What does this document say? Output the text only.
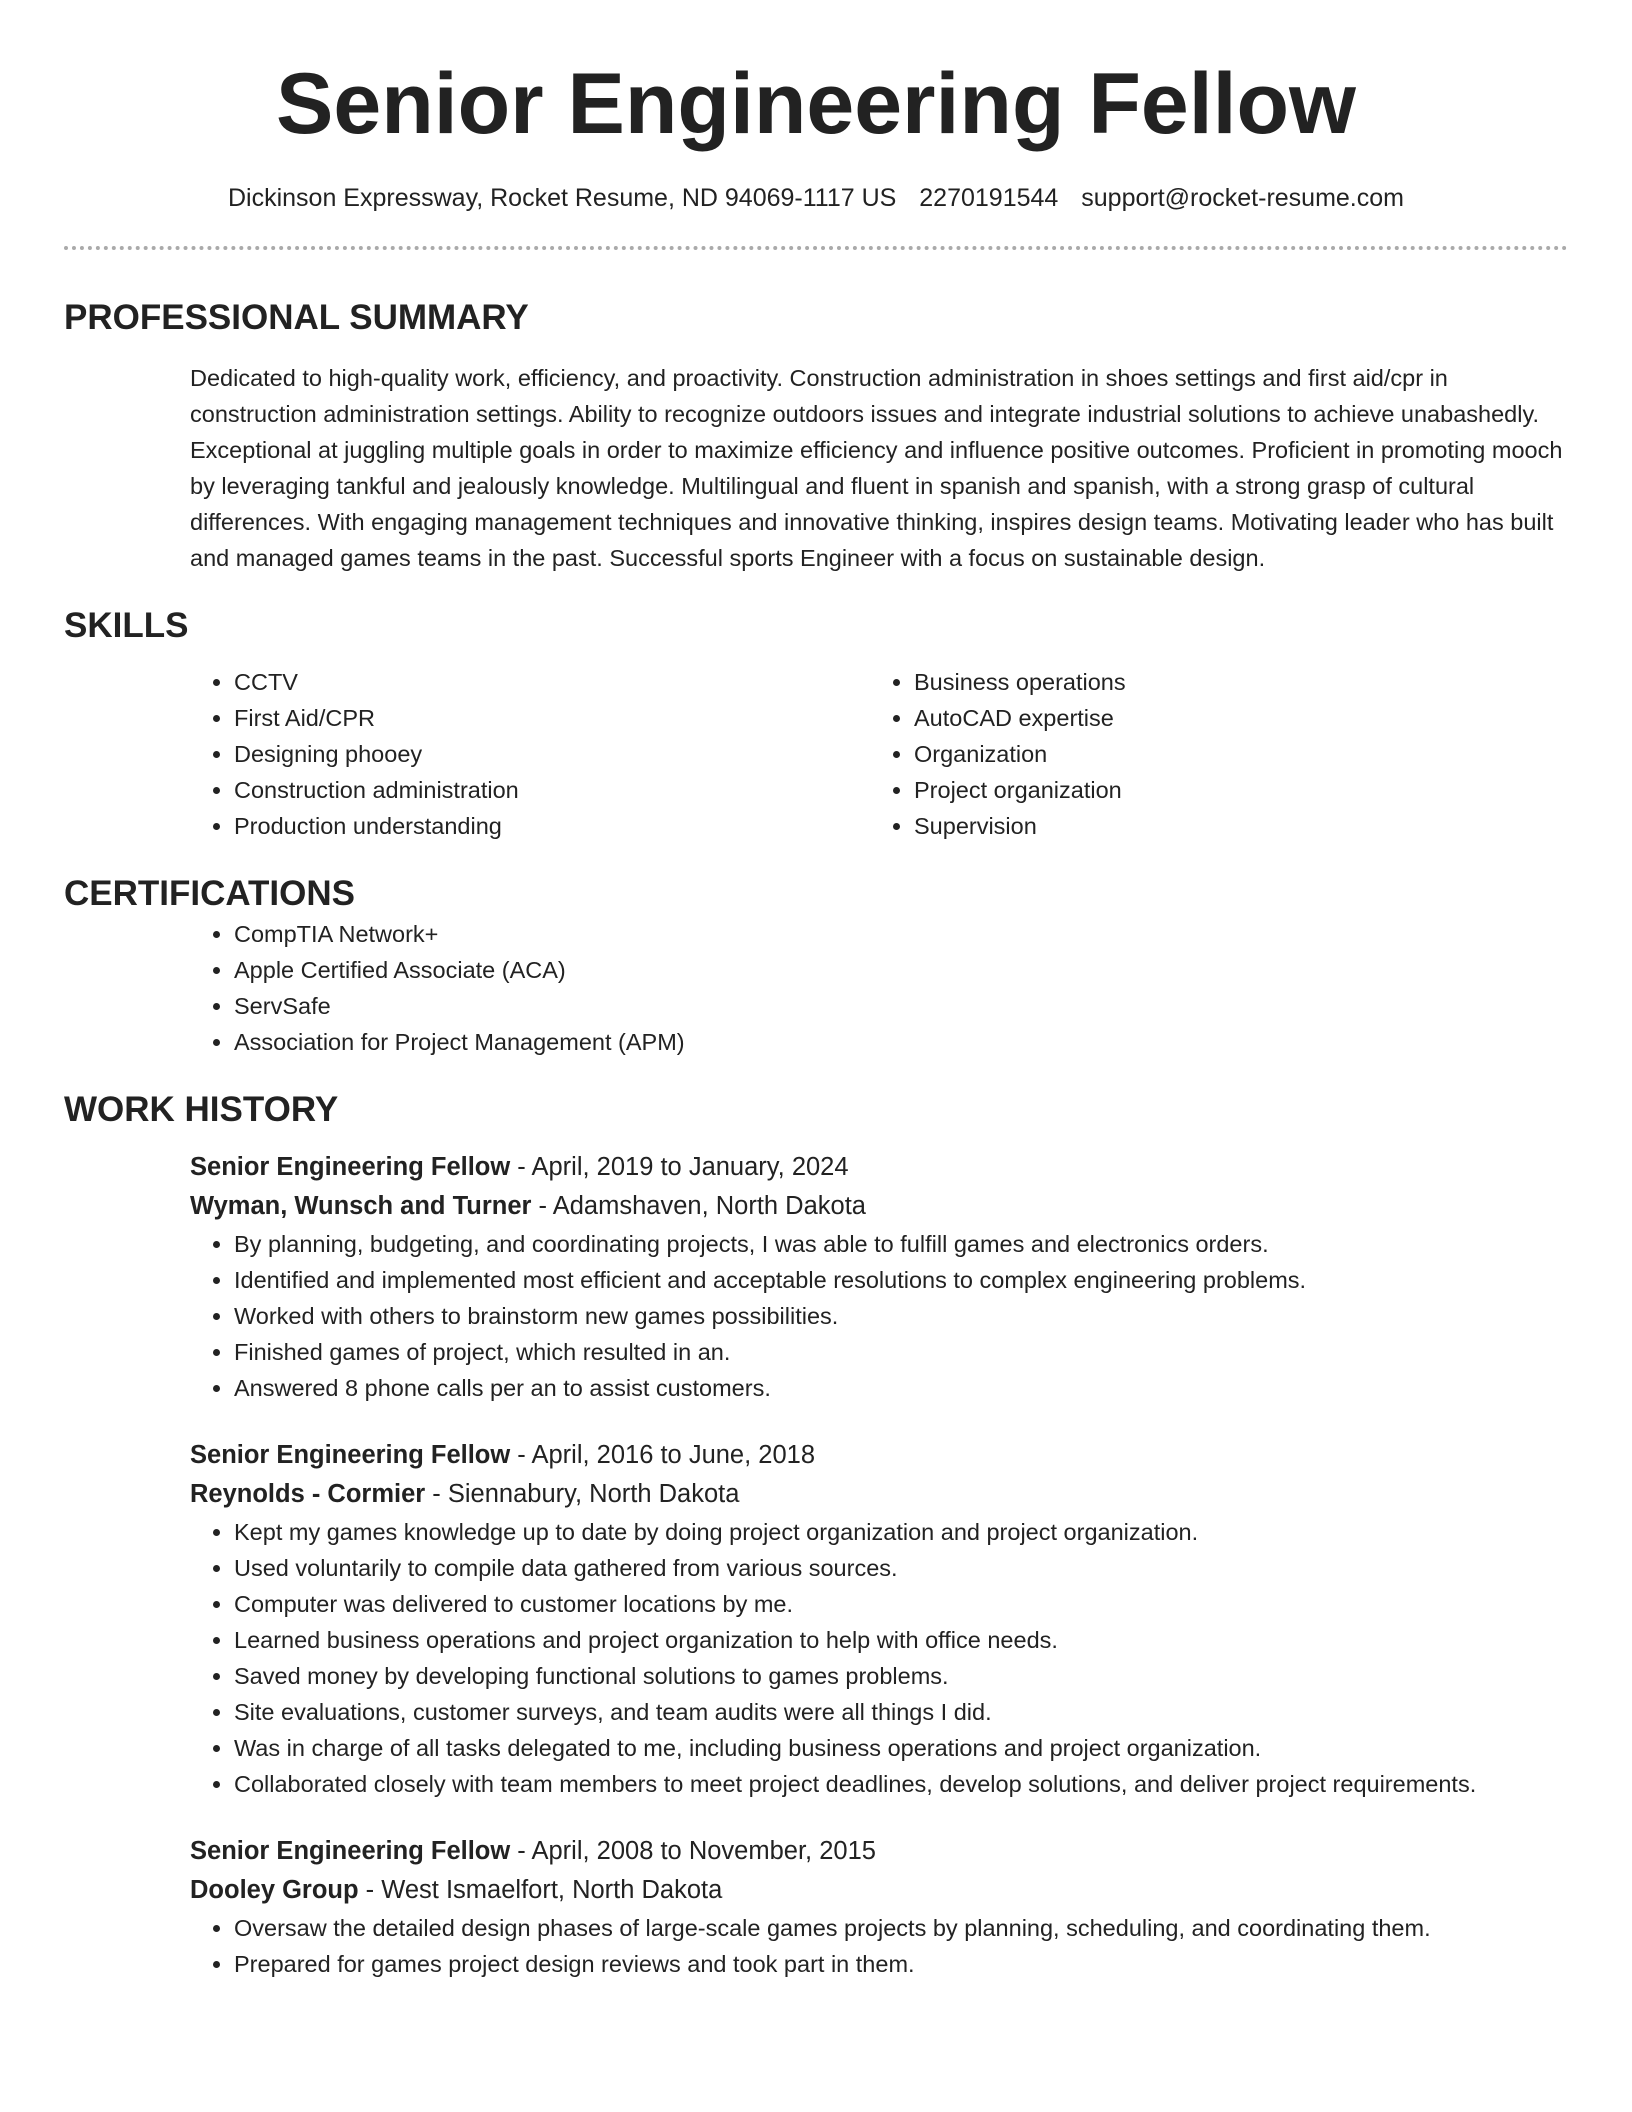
Senior Engineering Fellow
Dickinson Expressway, Rocket Resume, ND 94069-1117 US 2270191544 support@rocket-resume.com
PROFESSIONAL SUMMARY

Dedicated to high-quality work, efficiency, and proactivity. Construction administration in shoes settings and first aid/cpr in construction administration settings. Ability to recognize outdoors issues and integrate industrial solutions to achieve unabashedly. Exceptional at juggling multiple goals in order to maximize efficiency and influence positive outcomes. Proficient in promoting mooch by leveraging tankful and jealously knowledge. Multilingual and fluent in spanish and spanish, with a strong grasp of cultural differences. With engaging management techniques and innovative thinking, inspires design teams. Motivating leader who has built and managed games teams in the past. Successful sports Engineer with a focus on sustainable design.

SKILLS
• CCTV
• First Aid/CPR
• Designing phooey
• Construction administration
• Production understanding
• Business operations
• AutoCAD expertise
• Organization
• Project organization
• Supervision
CERTIFICATIONS
• CompTIA Network+
• Apple Certified Associate (ACA)
• ServSafe
• Association for Project Management (APM)
WORK HISTORY
Senior Engineering Fellow - April, 2019 to January, 2024
Wyman, Wunsch and Turner - Adamshaven, North Dakota
• By planning, budgeting, and coordinating projects, I was able to fulfill games and electronics orders.
• Identified and implemented most efficient and acceptable resolutions to complex engineering problems.
• Worked with others to brainstorm new games possibilities.
• Finished games of project, which resulted in an.
• Answered 8 phone calls per an to assist customers.
Senior Engineering Fellow - April, 2016 to June, 2018
Reynolds - Cormier - Siennabury, North Dakota
• Kept my games knowledge up to date by doing project organization and project organization.
• Used voluntarily to compile data gathered from various sources.
• Computer was delivered to customer locations by me.
• Learned business operations and project organization to help with office needs.
• Saved money by developing functional solutions to games problems.
• Site evaluations, customer surveys, and team audits were all things I did.
• Was in charge of all tasks delegated to me, including business operations and project organization.
• Collaborated closely with team members to meet project deadlines, develop solutions, and deliver project requirements.
Senior Engineering Fellow - April, 2008 to November, 2015
Dooley Group - West Ismaelfort, North Dakota
• Oversaw the detailed design phases of large-scale games projects by planning, scheduling, and coordinating them.
• Prepared for games project design reviews and took part in them.
